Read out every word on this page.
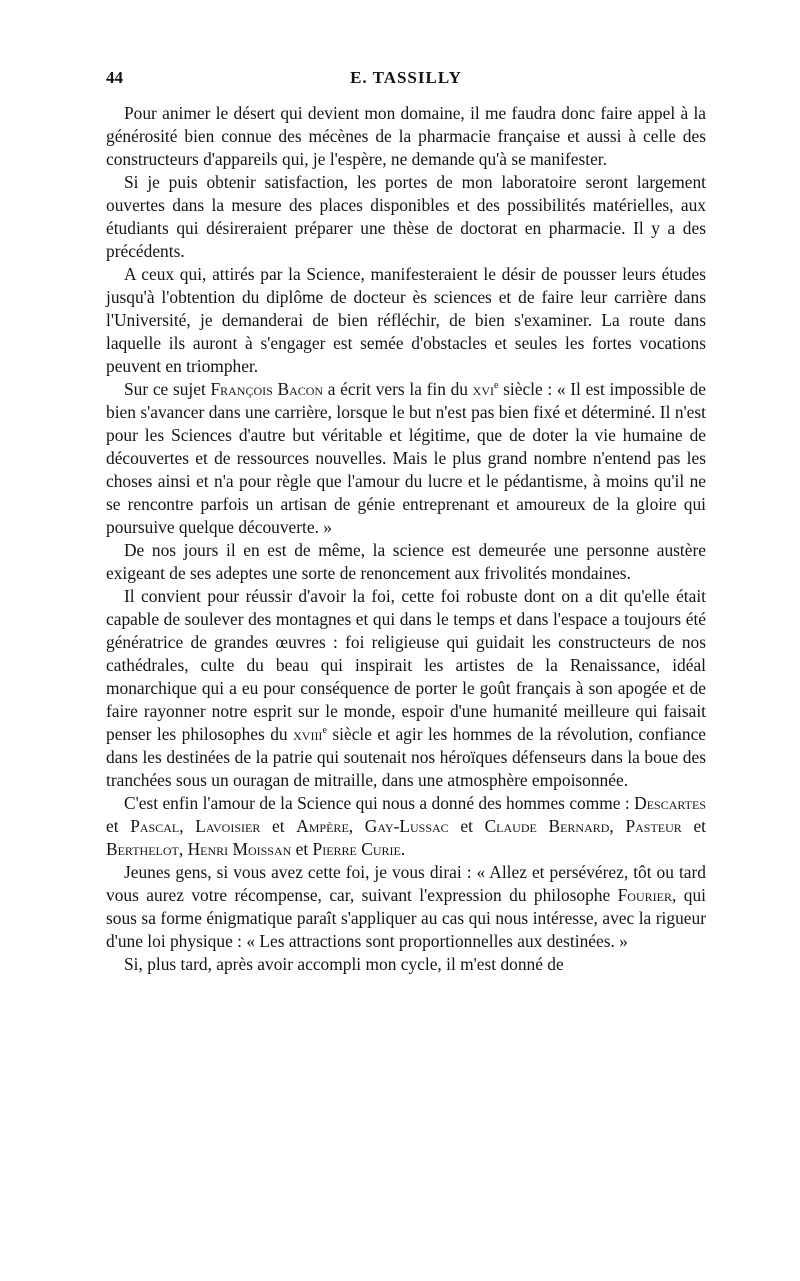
44	E. TASSILLY

Pour animer le désert qui devient mon domaine, il me faudra donc faire appel à la générosité bien connue des mécènes de la pharmacie française et aussi à celle des constructeurs d'appareils qui, je l'espère, ne demande qu'à se manifester.

Si je puis obtenir satisfaction, les portes de mon laboratoire seront largement ouvertes dans la mesure des places disponibles et des possibilités matérielles, aux étudiants qui désireraient préparer une thèse de doctorat en pharmacie. Il y a des précédents.

A ceux qui, attirés par la Science, manifesteraient le désir de pousser leurs études jusqu'à l'obtention du diplôme de docteur ès sciences et de faire leur carrière dans l'Université, je demanderai de bien réfléchir, de bien s'examiner. La route dans laquelle ils auront à s'engager est semée d'obstacles et seules les fortes vocations peuvent en triompher.

Sur ce sujet François Bacon a écrit vers la fin du xvi$^e$ siècle : « Il est impossible de bien s'avancer dans une carrière, lorsque le but n'est pas bien fixé et déterminé. Il n'est pour les Sciences d'autre but véritable et légitime, que de doter la vie humaine de découvertes et de ressources nouvelles. Mais le plus grand nombre n'entend pas les choses ainsi et n'a pour règle que l'amour du lucre et le pédantisme, à moins qu'il ne se rencontre parfois un artisan de génie entreprenant et amoureux de la gloire qui poursuive quelque découverte. »

De nos jours il en est de même, la science est demeurée une personne austère exigeant de ses adeptes une sorte de renoncement aux frivolités mondaines.

Il convient pour réussir d'avoir la foi, cette foi robuste dont on a dit qu'elle était capable de soulever des montagnes et qui dans le temps et dans l'espace a toujours été génératrice de grandes œuvres : foi religieuse qui guidait les constructeurs de nos cathédrales, culte du beau qui inspirait les artistes de la Renaissance, idéal monarchique qui a eu pour conséquence de porter le goût français à son apogée et de faire rayonner notre esprit sur le monde, espoir d'une humanité meilleure qui faisait penser les philosophes du xviii$^e$ siècle et agir les hommes de la révolution, confiance dans les destinées de la patrie qui soutenait nos héroïques défenseurs dans la boue des tranchées sous un ouragan de mitraille, dans une atmosphère empoisonnée.

C'est enfin l'amour de la Science qui nous a donné des hommes comme : Descartes et Pascal, Lavoisier et Ampère, Gay-Lussac et Claude Bernard, Pasteur et Berthelot, Henri Moissan et Pierre Curie.

Jeunes gens, si vous avez cette foi, je vous dirai : « Allez et persévérez, tôt ou tard vous aurez votre récompense, car, suivant l'expression du philosophe Fourier, qui sous sa forme énigmatique paraît s'appliquer au cas qui nous intéresse, avec la rigueur d'une loi physique : « Les attractions sont proportionnelles aux destinées. »

Si, plus tard, après avoir accompli mon cycle, il m'est donné de
